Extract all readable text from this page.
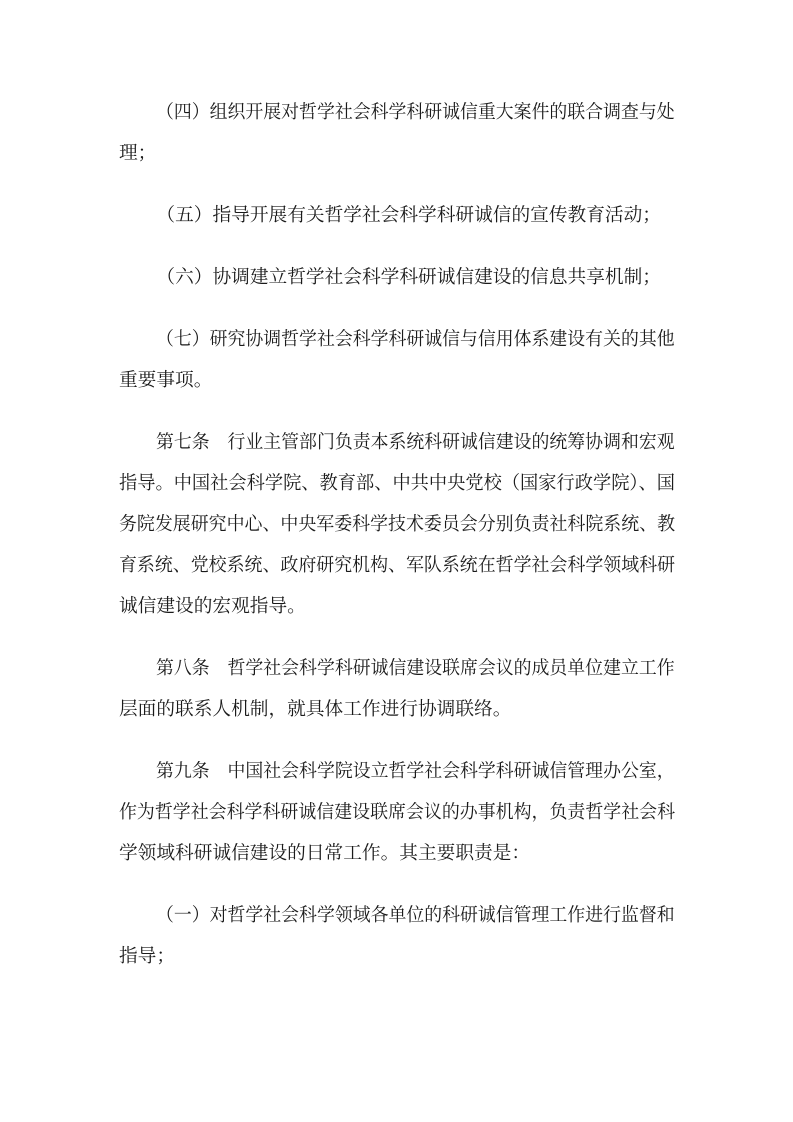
（四）组织开展对哲学社会科学科研诚信重大案件的联合调查与处
理；
（五）指导开展有关哲学社会科学科研诚信的宣传教育活动；
（六）协调建立哲学社会科学科研诚信建设的信息共享机制；
（七）研究协调哲学社会科学科研诚信与信用体系建设有关的其他
重要事项。
第七条　行业主管部门负责本系统科研诚信建设的统筹协调和宏观
指导。中国社会科学院、教育部、中共中央党校（国家行政学院）、国
务院发展研究中心、中央军委科学技术委员会分别负责社科院系统、教
育系统、党校系统、政府研究机构、军队系统在哲学社会科学领域科研
诚信建设的宏观指导。
第八条　哲学社会科学科研诚信建设联席会议的成员单位建立工作
层面的联系人机制，就具体工作进行协调联络。
第九条　中国社会科学院设立哲学社会科学科研诚信管理办公室，
作为哲学社会科学科研诚信建设联席会议的办事机构，负责哲学社会科
学领域科研诚信建设的日常工作。其主要职责是：
（一）对哲学社会科学领域各单位的科研诚信管理工作进行监督和
指导；
